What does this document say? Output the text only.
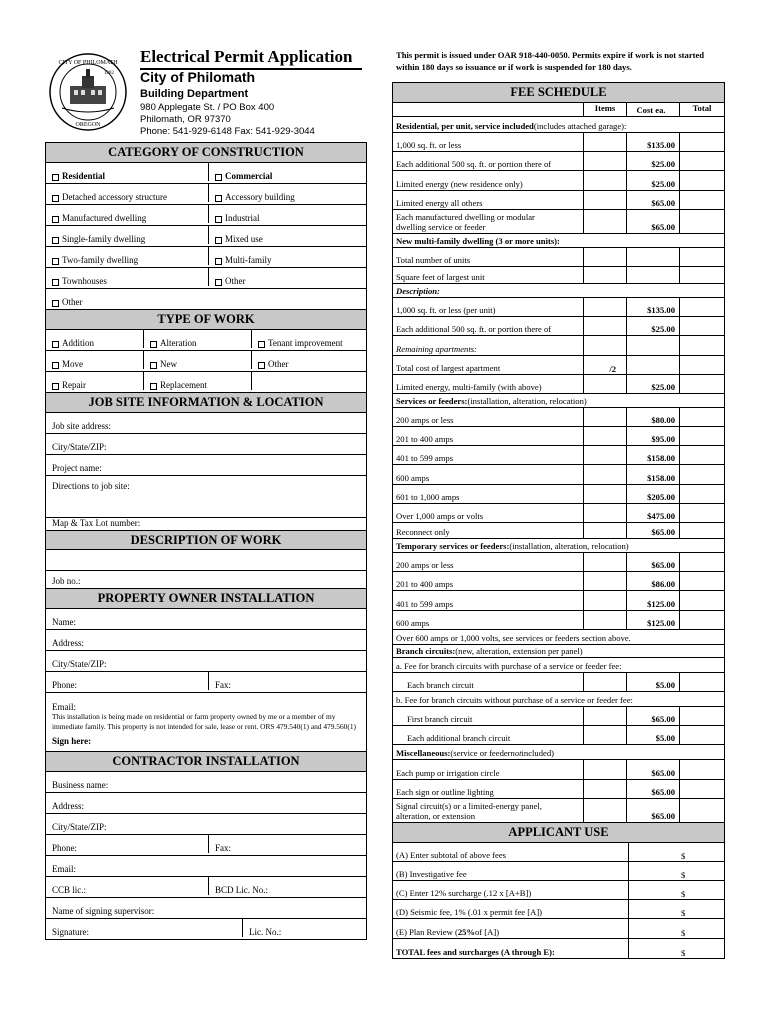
CITY OF PHILOMATH
1882
OREGON
Electrical Permit Application
City of Philomath
Building Department
980 Applegate St. / PO Box 400
Philomath, OR 97370
Phone: 541-929-6148 Fax: 541-929-3044
This permit is issued under OAR 918-440-0050. Permits expire if work is not started within 180 days so issuance or if work is suspended for 180 days.
CATEGORY OF CONSTRUCTION
Residential	Commercial
Detached accessory structure	Accessory building
Manufactured dwelling	Industrial
Single-family dwelling	Mixed use
Two-family dwelling	Multi-family
Townhouses	Other
Other
TYPE OF WORK
Addition	Alteration	Tenant improvement
Move	New	Other
Repair	Replacement
JOB SITE INFORMATION & LOCATION
Job site address:
City/State/ZIP:
Project name:
Directions to job site:
Map & Tax Lot number:
DESCRIPTION OF WORK
Job no.:
PROPERTY OWNER INSTALLATION
Name:
Address:
City/State/ZIP:
Phone:	Fax:
Email:
This installation is being made on residential or farm property owned by me or a member of my immediate family. This property is not intended for sale, lease or rent. ORS 479.540(1) and 479.560(1)
Sign here:
CONTRACTOR INSTALLATION
Business name:
Address:
City/State/ZIP:
Phone:	Fax:
Email:
CCB lic.:	BCD Lic. No.:
Name of signing supervisor:
Signature:	Lic. No.:
FEE SCHEDULE
Items	Cost ea.	Total
Residential, per unit, service included (includes attached garage):
1,000 sq. ft. or less	$135.00
Each additional 500 sq. ft. or portion there of	$25.00
Limited energy (new residence only)	$25.00
Limited energy all others	$65.00
Each manufactured dwelling or modular
dwelling service or feeder	$65.00
New multi-family dwelling (3 or more units):
Total number of units
Square feet of largest unit
Description:
1,000 sq. ft. or less (per unit)	$135.00
Each additional 500 sq. ft. or portion there of	$25.00
Remaining apartments:
Total cost of largest apartment	/2
Limited energy, multi-family (with above)	$25.00
Services or feeders: (installation, alteration, relocation)
200 amps or less	$80.00
201 to 400 amps	$95.00
401 to 599 amps	$158.00
600 amps	$158.00
601 to 1,000 amps	$205.00
Over 1,000 amps or volts	$475.00
Reconnect only	$65.00
Temporary services or feeders: (installation, alteration, relocation)
200 amps or less	$65.00
201 to 400 amps	$86.00
401 to 599 amps	$125.00
600 amps	$125.00
Over 600 amps or 1,000 volts, see services or feeders section above.
Branch circuits: (new, alteration, extension per panel)
a. Fee for branch circuits with purchase of a service or feeder fee:
Each branch circuit	$5.00
b. Fee for branch circuits without purchase of a service or feeder fee:
First branch circuit	$65.00
Each additional branch circuit	$5.00
Miscellaneous: (service or feeder not included)
Each pump or irrigation circle	$65.00
Each sign or outline lighting	$65.00
Signal circuit(s) or a limited-energy panel,
alteration, or extension	$65.00
APPLICANT USE
(A) Enter subtotal of above fees	$
(B) Investigative fee	$
(C) Enter 12% surcharge (.12 x [A+B])	$
(D) Seismic fee, 1% (.01 x permit fee [A])	$
(E) Plan Review ( 25% of [A])	$
TOTAL fees and surcharges (A through E):	$
